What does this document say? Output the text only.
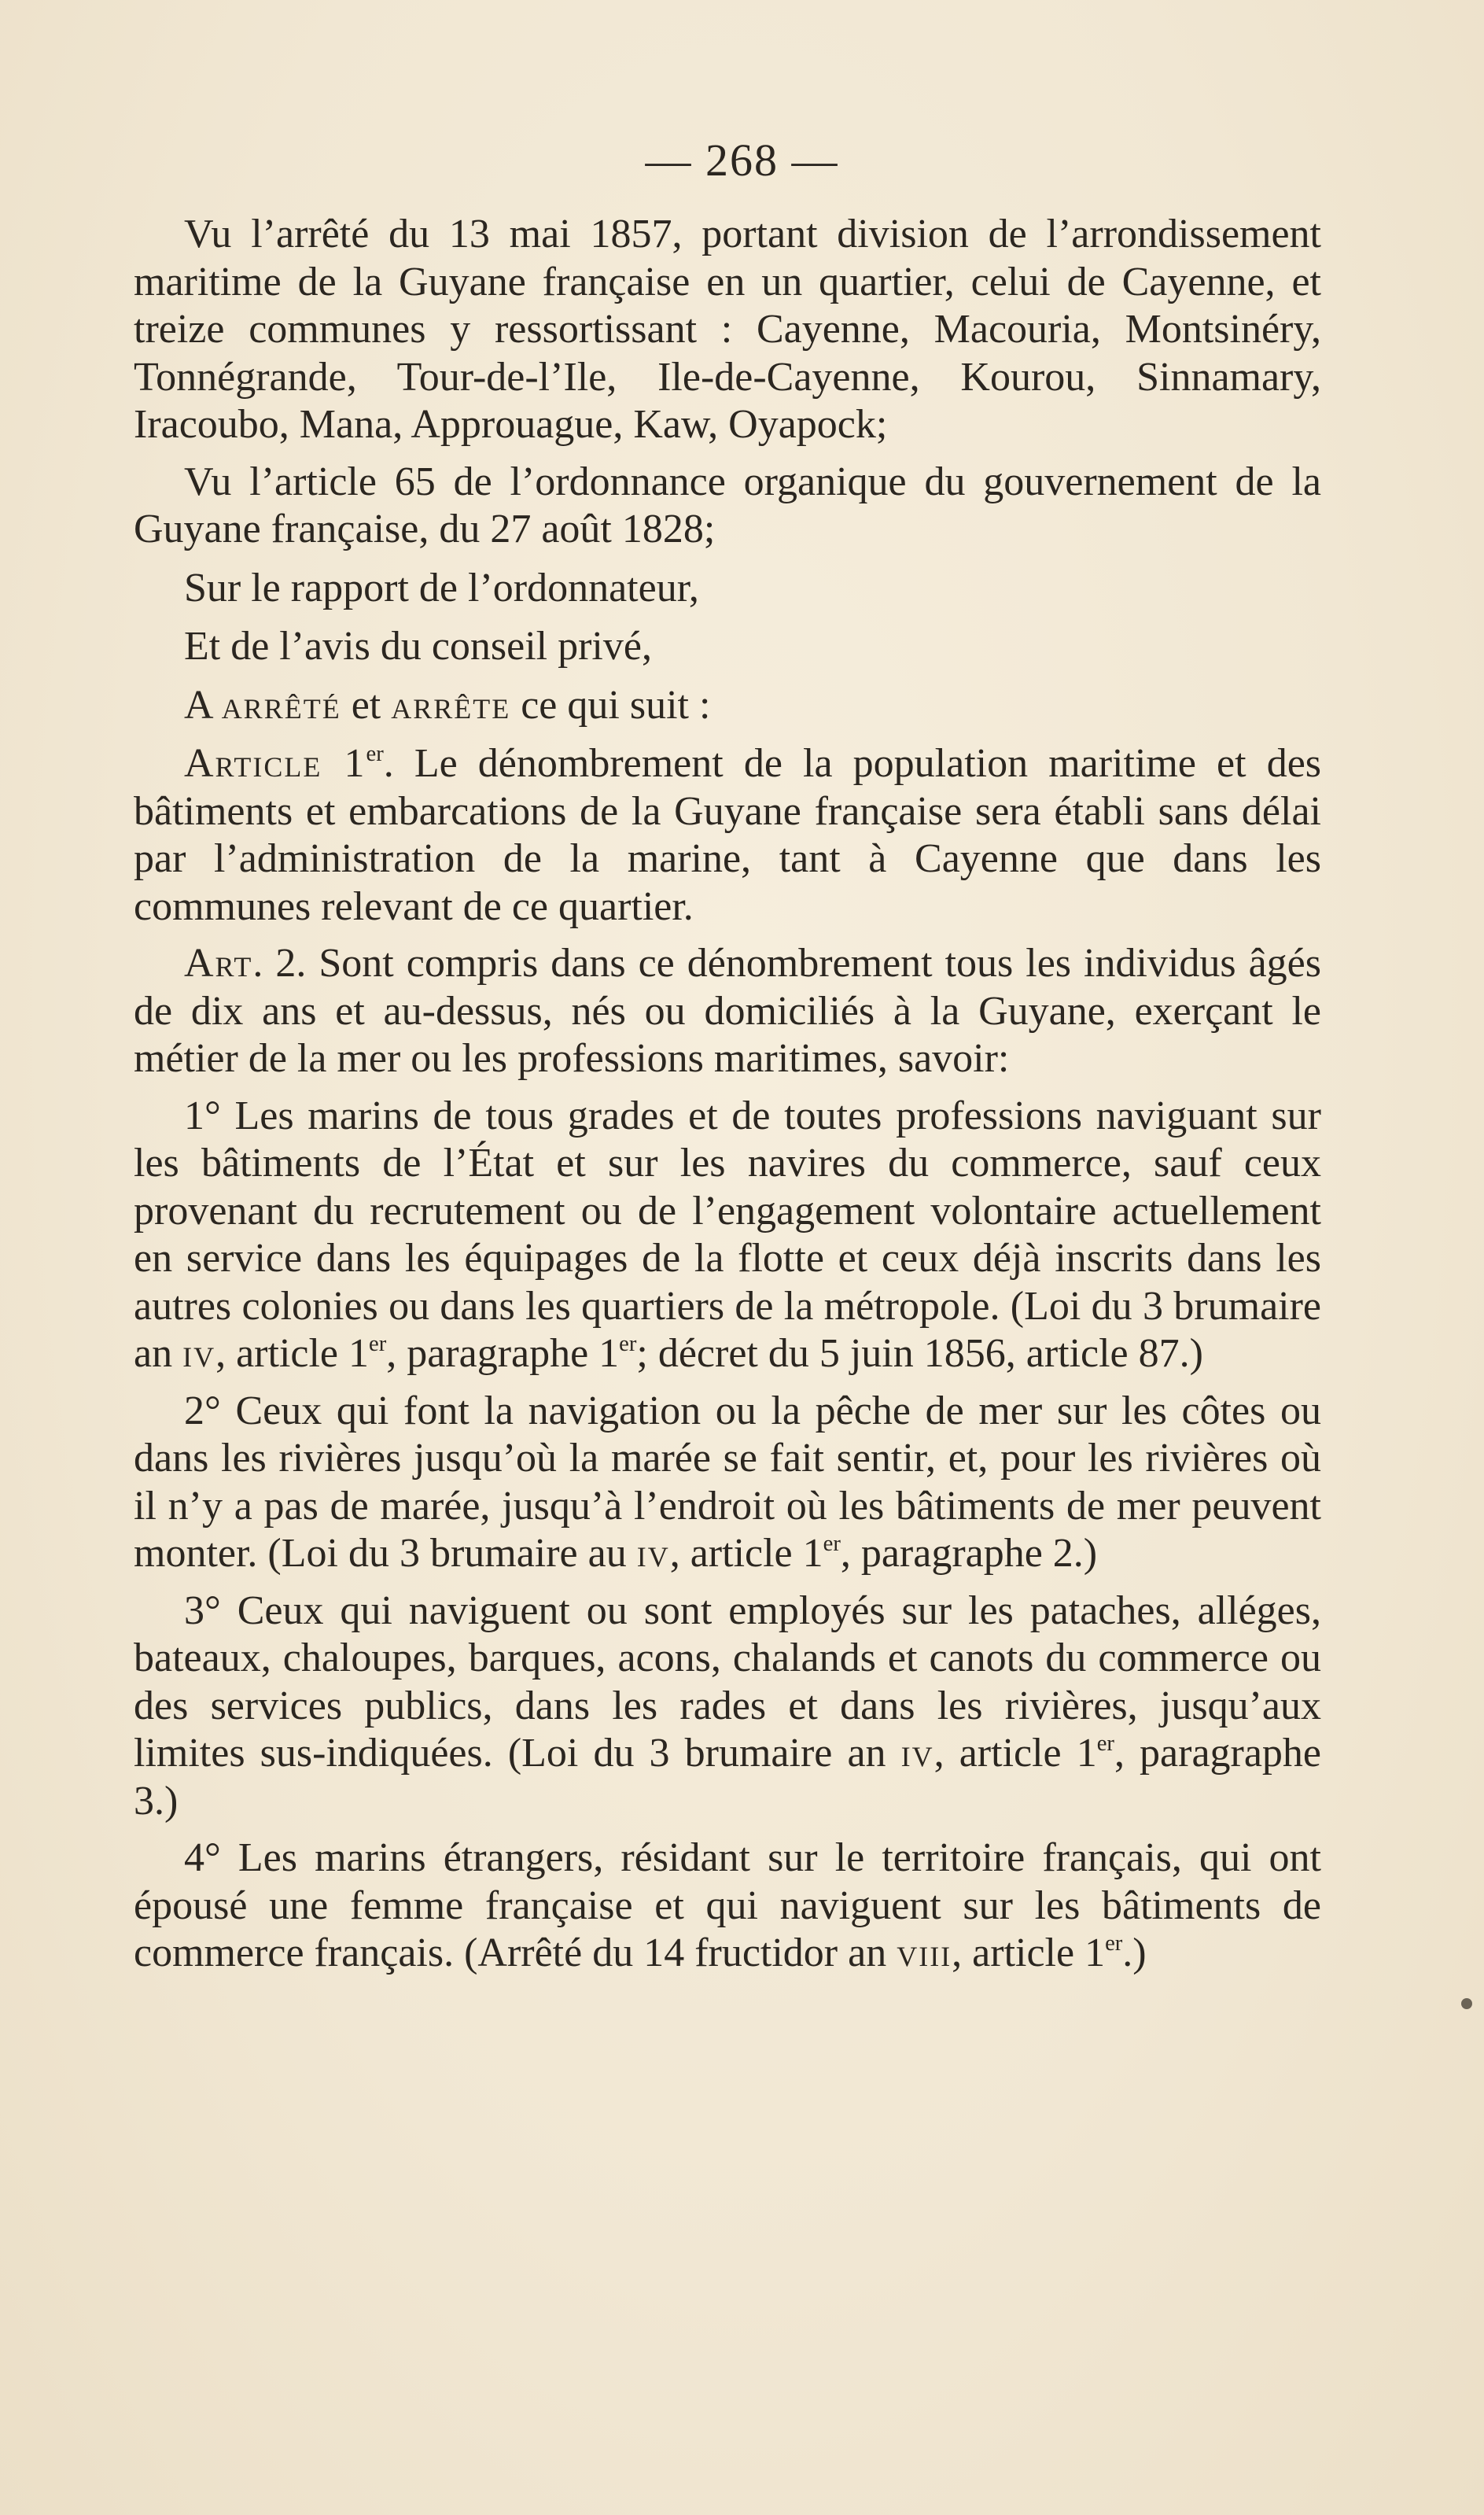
— 268 —

Vu l’arrêté du 13 mai 1857, portant division de l’arrondissement maritime de la Guyane française en un quartier, celui de Cayenne, et treize communes y ressortissant : Cayenne, Macouria, Montsinéry, Tonnégrande, Tour-de-l’Ile, Ile-de-Cayenne, Kourou, Sinnamary, Iracoubo, Mana, Approuague, Kaw, Oyapock;

Vu l’article 65 de l’ordonnance organique du gouvernement de la Guyane française, du 27 août 1828;

Sur le rapport de l’ordonnateur,

Et de l’avis du conseil privé,

A arrêté et arrête ce qui suit :

Article 1er. Le dénombrement de la population maritime et des bâtiments et embarcations de la Guyane française sera établi sans délai par l’administration de la marine, tant à Cayenne que dans les communes relevant de ce quartier.

Art. 2. Sont compris dans ce dénombrement tous les individus âgés de dix ans et au-dessus, nés ou domiciliés à la Guyane, exerçant le métier de la mer ou les professions maritimes, savoir:

1° Les marins de tous grades et de toutes professions naviguant sur les bâtiments de l’État et sur les navires du commerce, sauf ceux provenant du recrutement ou de l’engagement volontaire actuellement en service dans les équipages de la flotte et ceux déjà inscrits dans les autres colonies ou dans les quartiers de la métropole. (Loi du 3 brumaire an iv, article 1er, paragraphe 1er; décret du 5 juin 1856, article 87.)

2° Ceux qui font la navigation ou la pêche de mer sur les côtes ou dans les rivières jusqu’où la marée se fait sentir, et, pour les rivières où il n’y a pas de marée, jusqu’à l’endroit où les bâtiments de mer peuvent monter. (Loi du 3 brumaire au iv, article 1er, paragraphe 2.)

3° Ceux qui naviguent ou sont employés sur les pataches, alléges, bateaux, chaloupes, barques, acons, chalands et canots du commerce ou des services publics, dans les rades et dans les rivières, jusqu’aux limites sus-indiquées. (Loi du 3 brumaire an iv, article 1er, paragraphe 3.)

4° Les marins étrangers, résidant sur le territoire français, qui ont épousé une femme française et qui naviguent sur les bâtiments de commerce français. (Arrêté du 14 fructidor an viii, article 1er.)
